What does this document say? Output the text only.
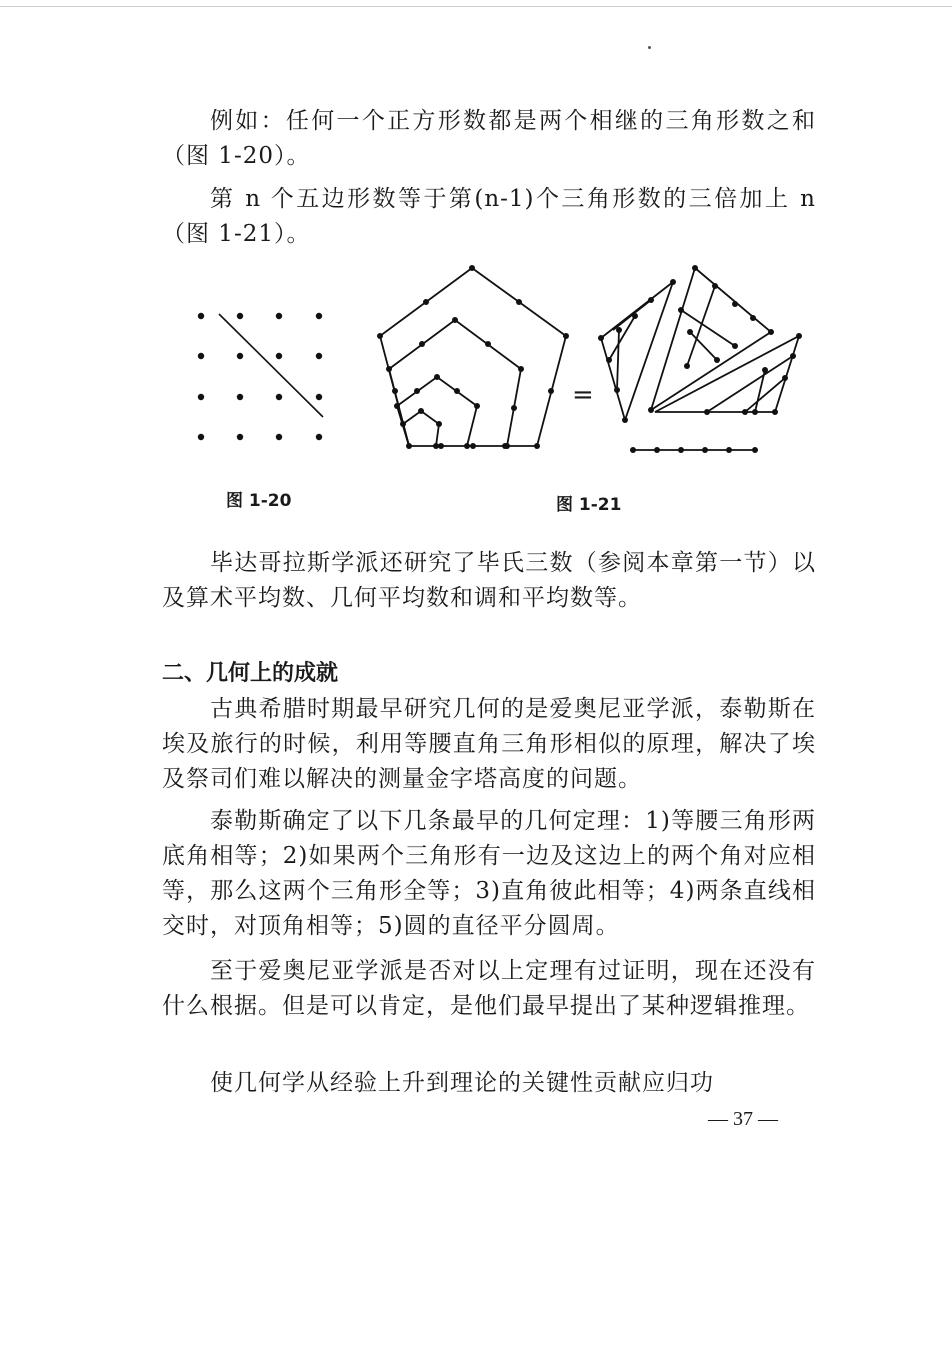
例如：任何一个正方形数都是两个相继的三角形数之和（图 1-20）。

第 n 个五边形数等于第(n-1)个三角形数的三倍加上 n（图 1-21）。

=
图 1-20	图 1-21

毕达哥拉斯学派还研究了毕氏三数（参阅本章第一节）以及算术平均数、几何平均数和调和平均数等。

二、几何上的成就

古典希腊时期最早研究几何的是爱奥尼亚学派，泰勒斯在埃及旅行的时候，利用等腰直角三角形相似的原理，解决了埃及祭司们难以解决的测量金字塔高度的问题。

泰勒斯确定了以下几条最早的几何定理：1)等腰三角形两底角相等；2)如果两个三角形有一边及这边上的两个角对应相等，那么这两个三角形全等；3)直角彼此相等；4)两条直线相交时，对顶角相等；5)圆的直径平分圆周。

至于爱奥尼亚学派是否对以上定理有过证明，现在还没有什么根据。但是可以肯定，是他们最早提出了某种逻辑推理。

使几何学从经验上升到理论的关键性贡献应归功

— 37 —
